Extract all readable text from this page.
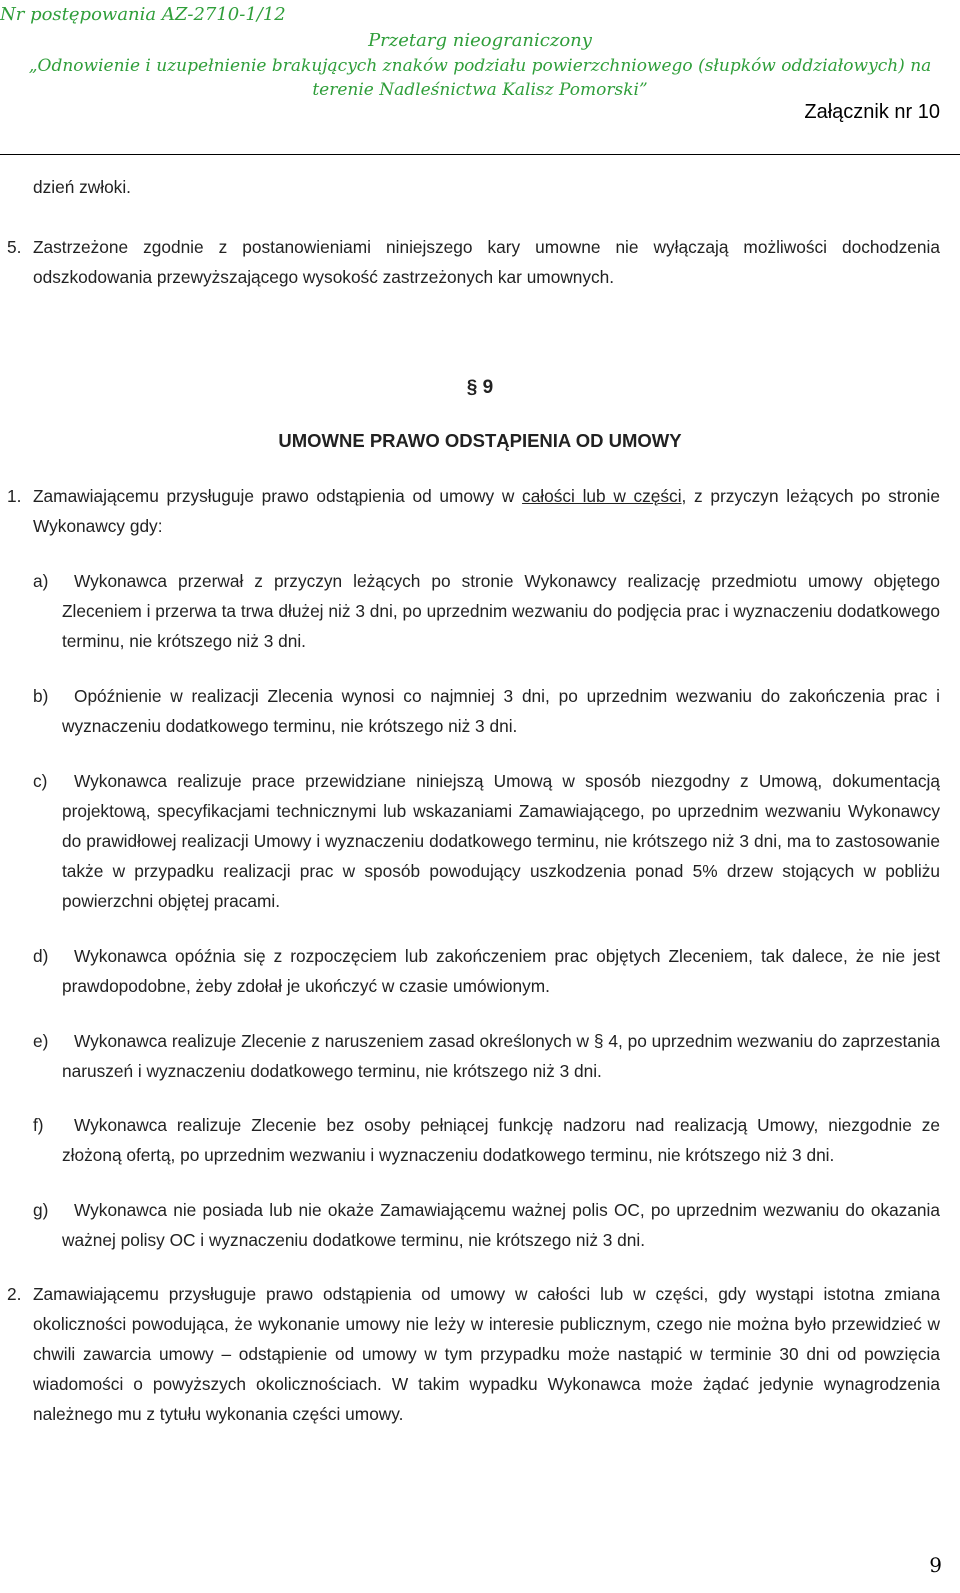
Nr postępowania AZ-2710-1/12
Przetarg nieograniczony
„Odnowienie i uzupełnienie brakujących znaków podziału powierzchniowego (słupków oddziałowych) na
terenie Nadleśnictwa Kalisz Pomorski”
Załącznik nr 10
dzień zwłoki.
5. Zastrzeżone zgodnie z postanowieniami niniejszego kary umowne nie wyłączają możliwości dochodzenia odszkodowania przewyższającego wysokość zastrzeżonych kar umownych.
§ 9
UMOWNE PRAWO ODSTĄPIENIA OD UMOWY
1. Zamawiającemu przysługuje prawo odstąpienia od umowy w całości lub w części, z przyczyn leżących po stronie Wykonawcy gdy:
a)	Wykonawca przerwał z przyczyn leżących po stronie Wykonawcy realizację przedmiotu umowy objętego Zleceniem i przerwa ta trwa dłużej niż 3 dni, po uprzednim wezwaniu do podjęcia prac i wyznaczeniu dodatkowego terminu, nie krótszego niż 3 dni.
b)	Opóźnienie w realizacji Zlecenia wynosi co najmniej 3 dni, po uprzednim wezwaniu do zakończenia prac i wyznaczeniu dodatkowego terminu, nie krótszego niż 3 dni.
c)	Wykonawca realizuje prace przewidziane niniejszą Umową w sposób niezgodny z Umową, dokumentacją projektową, specyfikacjami technicznymi lub wskazaniami Zamawiającego, po uprzednim wezwaniu Wykonawcy do prawidłowej realizacji Umowy i wyznaczeniu dodatkowego terminu, nie krótszego niż 3 dni, ma to zastosowanie także w przypadku realizacji prac w sposób powodujący uszkodzenia ponad 5% drzew stojących w pobliżu powierzchni objętej pracami.
d)	Wykonawca opóźnia się z rozpoczęciem lub zakończeniem prac objętych Zleceniem, tak dalece, że nie jest prawdopodobne, żeby zdołał je ukończyć w czasie umówionym.
e)	Wykonawca realizuje Zlecenie z naruszeniem zasad określonych w § 4, po uprzednim wezwaniu do zaprzestania naruszeń i wyznaczeniu dodatkowego terminu, nie krótszego niż 3 dni.
f)	Wykonawca realizuje Zlecenie bez osoby pełniącej funkcję nadzoru nad realizacją Umowy, niezgodnie ze złożoną ofertą, po uprzednim wezwaniu i wyznaczeniu dodatkowego terminu, nie krótszego niż 3 dni.
g)	Wykonawca nie posiada lub nie okaże Zamawiającemu ważnej polis OC, po uprzednim wezwaniu do okazania ważnej polisy OC i wyznaczeniu dodatkowe terminu, nie krótszego niż 3 dni.
2. Zamawiającemu przysługuje prawo odstąpienia od umowy w całości lub w części, gdy wystąpi istotna zmiana okoliczności powodująca, że wykonanie umowy nie leży w interesie publicznym, czego nie można było przewidzieć w chwili zawarcia umowy – odstąpienie od umowy w tym przypadku może nastąpić w terminie 30 dni od powzięcia wiadomości o powyższych okolicznościach. W takim wypadku Wykonawca może żądać jedynie wynagrodzenia należnego mu z tytułu wykonania części umowy.
9
